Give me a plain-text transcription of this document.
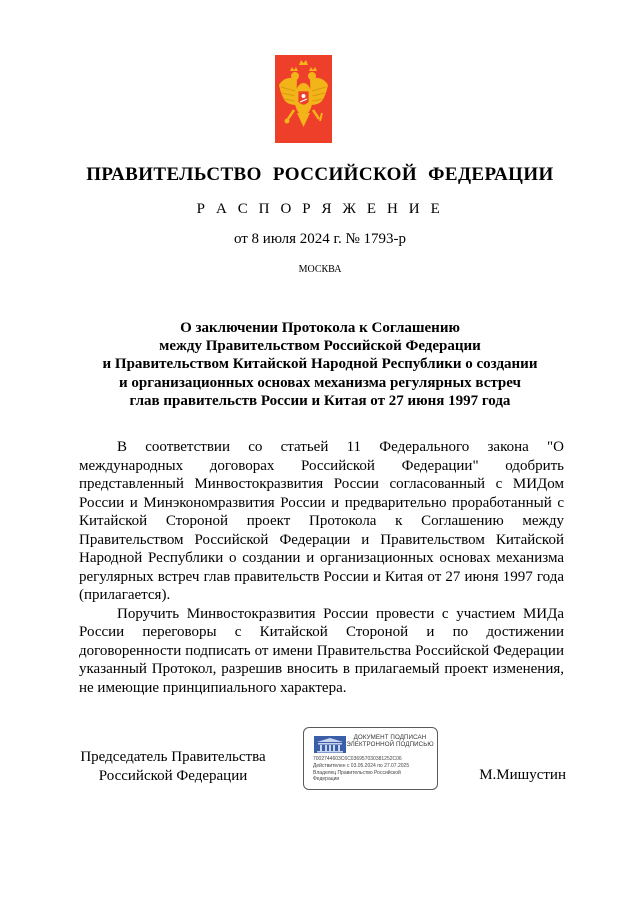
ПРАВИТЕЛЬСТВО РОССИЙСКОЙ ФЕДЕРАЦИИ
Р А С П О Р Я Ж Е Н И Е
от 8 июля 2024 г. № 1793-р
МОСКВА
О заключении Протокола к Соглашению
между Правительством Российской Федерации
и Правительством Китайской Народной Республики о создании
и организационных основах механизма регулярных встреч
глав правительств России и Китая от 27 июня 1997 года

В соответствии со статьей 11 Федерального закона "О международных договорах Российской Федерации" одобрить представленный Минвостокразвития России согласованный с МИДом России и Минэкономразвития России и предварительно проработанный с Китайской Стороной проект Протокола к Соглашению между Правительством Российской Федерации и Правительством Китайской Народной Республики о создании и организационных основах механизма регулярных встреч глав правительств России и Китая от 27 июня 1997 года (прилагается).

Поручить Минвостокразвития России провести с участием МИДа России переговоры с Китайской Стороной и по достижении договоренности подписать от имени Правительства Российской Федерации указанный Протокол, разрешив вносить в прилагаемый проект изменения, не имеющие принципиального характера.

Председатель Правительства
Российской Федерации
ДОКУМЕНТ ПОДПИСАН
ЭЛЕКТРОННОЙ ПОДПИСЬЮ
7002744603C6C036957030381252C06
Действителен с 03.05.2024 по 27.07.2025
Владелец Правительство Российской
Федерации	М.Мишустин
